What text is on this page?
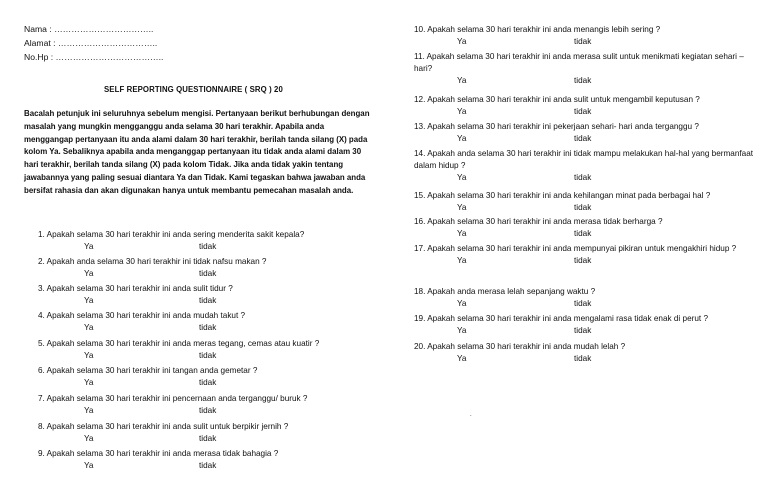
Nama : ……………………………..
Alamat : ……………………………..
No.Hp : ………………………………..
SELF REPORTING QUESTIONNAIRE ( SRQ ) 20
Bacalah petunjuk ini seluruhnya sebelum mengisi. Pertanyaan berikut berhubungan dengan masalah yang mungkin mengganggu anda selama 30 hari terakhir. Apabila anda menggangap pertanyaan itu anda alami dalam 30 hari terakhir, berilah tanda silang (X) pada kolom Ya. Sebaliknya apabila anda menganggap pertanyaan itu tidak anda alami dalam 30 hari terakhir, berilah tanda silang (X) pada kolom Tidak. Jika anda tidak yakin tentang jawabannya yang paling sesuai diantara Ya dan Tidak. Kami tegaskan bahwa jawaban anda bersifat rahasia dan akan digunakan hanya untuk membantu pemecahan masalah anda.
1. Apakah selama 30 hari terakhir ini anda sering menderita sakit kepala?
Ya	tidak
2. Apakah anda selama 30 hari terakhir ini tidak nafsu makan ?
Ya	tidak
3. Apakah selama 30 hari terakhir ini anda sulit tidur ?
Ya	tidak
4. Apakah selama 30 hari terakhir ini anda mudah takut ?
Ya	tidak
5. Apakah selama 30 hari terakhir ini anda meras tegang, cemas atau kuatir ?
Ya	tidak
6. Apakah selama 30 hari terakhir ini tangan anda gemetar ?
Ya	tidak
7. Apakah selama 30 hari terakhir ini pencernaan anda terganggu/ buruk ?
Ya	tidak
8. Apakah selama 30 hari terakhir ini anda sulit untuk berpikir jernih ?
Ya	tidak
9. Apakah selama 30 hari terakhir ini anda merasa tidak bahagia ?
Ya	tidak
10. Apakah selama 30 hari terakhir ini anda menangis lebih sering ?
Ya	tidak
11. Apakah selama 30 hari terakhir ini anda merasa sulit untuk menikmati kegiatan sehari –hari?
Ya	tidak
12. Apakah selama 30 hari terakhir ini anda sulit untuk mengambil keputusan ?
Ya	tidak
13. Apakah selama 30 hari terakhir ini pekerjaan sehari- hari anda terganggu ?
Ya	tidak
14. Apakah anda selama 30 hari terakhir ini tidak mampu melakukan hal-hal yang bermanfaat dalam hidup ?
Ya	tidak
15. Apakah selama 30 hari terakhir ini anda kehilangan minat pada berbagai hal ?
Ya	tidak
16. Apakah selama 30 hari terakhir ini anda merasa tidak berharga ?
Ya	tidak
17. Apakah selama 30 hari terakhir ini anda mempunyai pikiran untuk mengakhiri hidup ?
Ya	tidak
18. Apakah anda merasa lelah sepanjang waktu ?
Ya	tidak
19. Apakah selama 30 hari terakhir ini anda mengalami rasa tidak enak di perut ?
Ya	tidak
20. Apakah selama 30 hari terakhir ini anda mudah lelah ?
Ya	tidak
.
